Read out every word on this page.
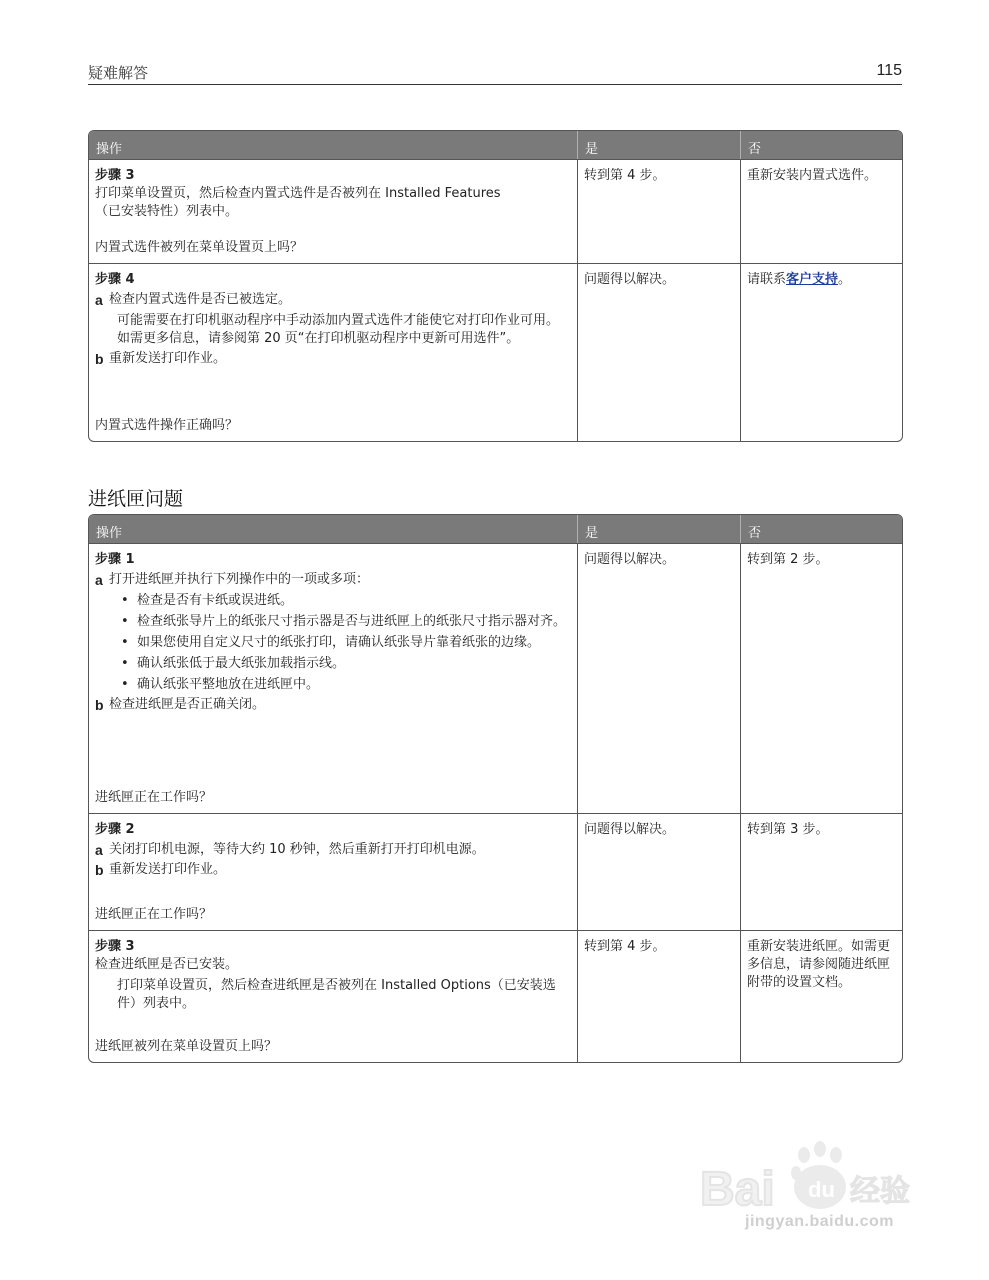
疑难解答	115
操作	是	否
步骤 3
打印菜单设置页，然后检查内置式选件是否被列在 Installed Features
（已安装特性）列表中。
内置式选件被列在菜单设置页上吗？
转到第 4 步。	重新安装内置式选件。
步骤 4
a 检查内置式选件是否已被选定。
可能需要在打印机驱动程序中手动添加内置式选件才能使它对打印作业可用。如需更多信息，请参阅第 20 页“在打印机驱动程序中更新可用选件”。
b 重新发送打印作业。
内置式选件操作正确吗？
问题得以解决。	请联系客户支持。
进纸匣问题
操作	是	否
步骤 1
a 打开进纸匣并执行下列操作中的一项或多项：
• 检查是否有卡纸或误进纸。
• 检查纸张导片上的纸张尺寸指示器是否与进纸匣上的纸张尺寸指示器对齐。
• 如果您使用自定义尺寸的纸张打印，请确认纸张导片靠着纸张的边缘。
• 确认纸张低于最大纸张加载指示线。
• 确认纸张平整地放在进纸匣中。
b 检查进纸匣是否正确关闭。
进纸匣正在工作吗？
问题得以解决。	转到第 2 步。
步骤 2
a 关闭打印机电源，等待大约 10 秒钟，然后重新打开打印机电源。
b 重新发送打印作业。
进纸匣正在工作吗？
问题得以解决。	转到第 3 步。
步骤 3
检查进纸匣是否已安装。
打印菜单设置页，然后检查进纸匣是否被列在 Installed Options（已安装选件）列表中。
进纸匣被列在菜单设置页上吗？
转到第 4 步。	重新安装进纸匣。如需更多信息，请参阅随进纸匣附带的设置文档。
Bai du 经验
jingyan.baidu.com
